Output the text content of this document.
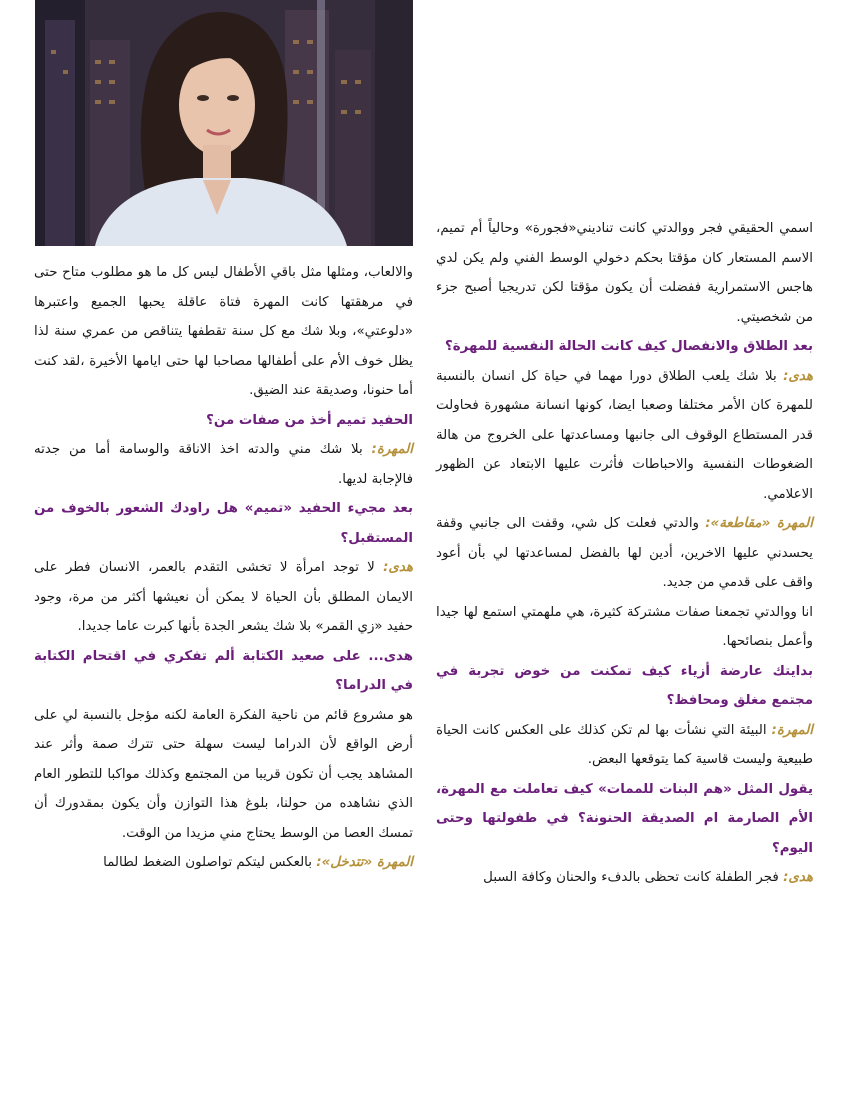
والالعاب، ومثلها مثل باقي الأطفال ليس كل ما هو مطلوب متاح حتى في مرهقتها كانت المهرة فتاة عاقلة يحبها الجميع واعتبرها «دلوعتي»، وبلا شك مع كل سنة تقطفها يتناقص من عمري سنة لذا يظل خوف الأم على أطفالها مصاحبا لها حتى ايامها الأخيرة ،لقد كنت أما حنونا، وصديقة عند الضيق.

الحفيد تميم أخذ من صفات من؟

المهرة: بلا شك مني والدته اخذ الاناقة والوسامة أما من جدته فالإجابة لديها.

بعد مجيء الحفيد «تميم» هل راودك الشعور بالخوف من المستقبل؟

هدى: لا توجد امرأة لا تخشى التقدم بالعمر، الانسان فطر على الايمان المطلق بأن الحياة لا يمكن أن نعيشها أكثر من مرة، وجود حفيد «زي القمر» بلا شك يشعر الجدة بأنها كبرت عاما جديدا.

هدى... على صعيد الكتابة ألم تفكري في اقتحام الكتابة في الدراما؟

هو مشروع قائم من ناحية الفكرة العامة لكنه مؤجل بالنسبة لي على أرض الواقع لأن الدراما ليست سهلة حتى تترك صمة وأثر عند المشاهد يجب أن تكون قريبا من المجتمع وكذلك مواكبا للتطور العام الذي نشاهده من حولنا، بلوغ هذا التوازن وأن يكون بمقدورك أن تمسك العصا من الوسط يحتاج مني مزيدا من الوقت.

المهرة «تتدخل»: بالعكس ليتكم تواصلون الضغط لطالما

اسمي الحقيقي فجر ووالدتي كانت تناديني«فجورة» وحالياً أم تميم، الاسم المستعار كان مؤقتا بحكم دخولي الوسط الفني ولم يكن لدي هاجس الاستمرارية ففضلت أن يكون مؤقتا لكن تدريجيا أصبح جزء من شخصيتي.

بعد الطلاق والانفصال كيف كانت الحالة النفسية للمهرة؟

هدى: بلا شك يلعب الطلاق دورا مهما في حياة كل انسان بالنسبة للمهرة كان الأمر مختلفا وصعبا ايضا، كونها انسانة مشهورة فحاولت قدر المستطاع الوقوف الى جانبها ومساعدتها على الخروج من هالة الضغوطات النفسية والاحباطات فأثرت عليها الابتعاد عن الظهور الاعلامي.

المهرة «مقاطعة»: والدتي فعلت كل شي، وقفت الى جانبي وقفة يحسدني عليها الاخرين، أدين لها بالفضل لمساعدتها لي بأن أعود واقف على قدمي من جديد.

انا ووالدتي تجمعنا صفات مشتركة كثيرة، هي ملهمتي استمع لها جيدا وأعمل بنصائحها.

بدايتك عارضة أزياء كيف تمكنت من خوض تجربة في مجتمع مغلق ومحافظ؟

المهرة: البيئة التي نشأت بها لم تكن كذلك على العكس كانت الحياة طبيعية وليست قاسية كما يتوقعها البعض.

يقول المثل «هم البنات للممات» كيف تعاملت مع المهرة، الأم الصارمة ام الصديقة الحنونة؟ في طفولتها وحتى اليوم؟

هدى: فجر الطفلة كانت تحظى بالدفء والحنان وكافة السبل
